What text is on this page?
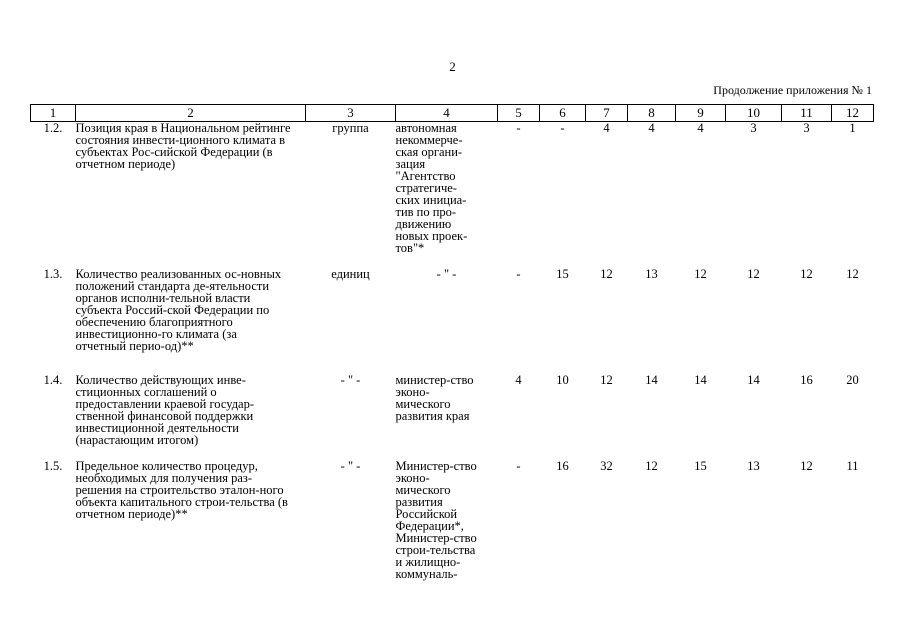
2
Продолжение приложения № 1
1	2	3	4	5	6	7	8	9	10	11	12
1.2.	Позиция края в Национальном рейтинге состояния инвести-ционного климата в субъектах Рос-сийской Федерации (в отчетном периоде)	группа	автономная некоммерче-ская органи-зация "Агентство стратегиче-ских инициа-тив по про-движению новых проек-тов"*	-	-	4	4	4	3	3	1
1.3.	Количество реализованных ос-новных положений стандарта де-ятельности органов исполни-тельной власти субъекта Россий-ской Федерации по обеспечению благоприятного инвестиционно-го климата (за отчетный перио-од)**	единиц	- " -	-	15	12	13	12	12	12	12
1.4.	Количество действующих инве-стиционных соглашений о предоставлении краевой государ-ственной финансовой поддержки инвестиционной деятельности (нарастающим итогом)	- " -	министер-ство эконо-мического развития края	4	10	12	14	14	14	16	20
1.5.	Предельное количество процедур, необходимых для получения раз-решения на строительство эталон-ного объекта капитального строи-тельства (в отчетном периоде)**	- " -	Министер-ство эконо-мического развития Российской Федерации*, Министер-ство строи-тельства и жилищно-коммуналь-	-	16	32	12	15	13	12	11
